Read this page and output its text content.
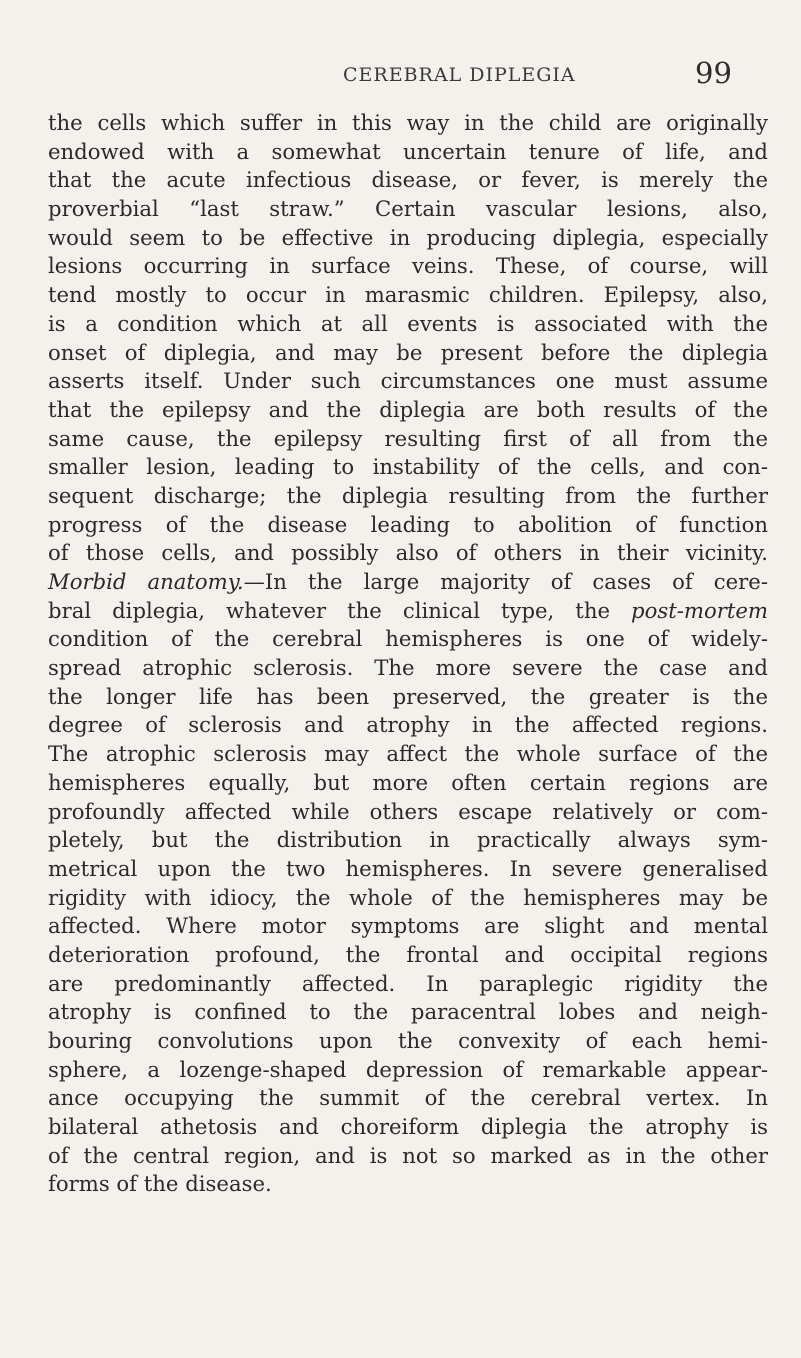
CEREBRAL DIPLEGIA	99
the cells which suffer in this way in the child are originally
endowed with a somewhat uncertain tenure of life, and
that the acute infectious disease, or fever, is merely the
proverbial “last straw.” Certain vascular lesions, also,
would seem to be effective in producing diplegia, especially
lesions occurring in surface veins. These, of course, will
tend mostly to occur in marasmic children. Epilepsy, also,
is a condition which at all events is associated with the
onset of diplegia, and may be present before the diplegia
asserts itself. Under such circumstances one must assume
that the epilepsy and the diplegia are both results of the
same cause, the epilepsy resulting first of all from the
smaller lesion, leading to instability of the cells, and con-
sequent discharge; the diplegia resulting from the further
progress of the disease leading to abolition of function
of those cells, and possibly also of others in their vicinity.
Morbid anatomy.—In the large majority of cases of cere-
bral diplegia, whatever the clinical type, the post-mortem
condition of the cerebral hemispheres is one of widely-
spread atrophic sclerosis. The more severe the case and
the longer life has been preserved, the greater is the
degree of sclerosis and atrophy in the affected regions.
The atrophic sclerosis may affect the whole surface of the
hemispheres equally, but more often certain regions are
profoundly affected while others escape relatively or com-
pletely, but the distribution in practically always sym-
metrical upon the two hemispheres. In severe generalised
rigidity with idiocy, the whole of the hemispheres may be
affected. Where motor symptoms are slight and mental
deterioration profound, the frontal and occipital regions
are predominantly affected. In paraplegic rigidity the
atrophy is confined to the paracentral lobes and neigh-
bouring convolutions upon the convexity of each hemi-
sphere, a lozenge-shaped depression of remarkable appear-
ance occupying the summit of the cerebral vertex. In
bilateral athetosis and choreiform diplegia the atrophy is
of the central region, and is not so marked as in the other
forms of the disease.
